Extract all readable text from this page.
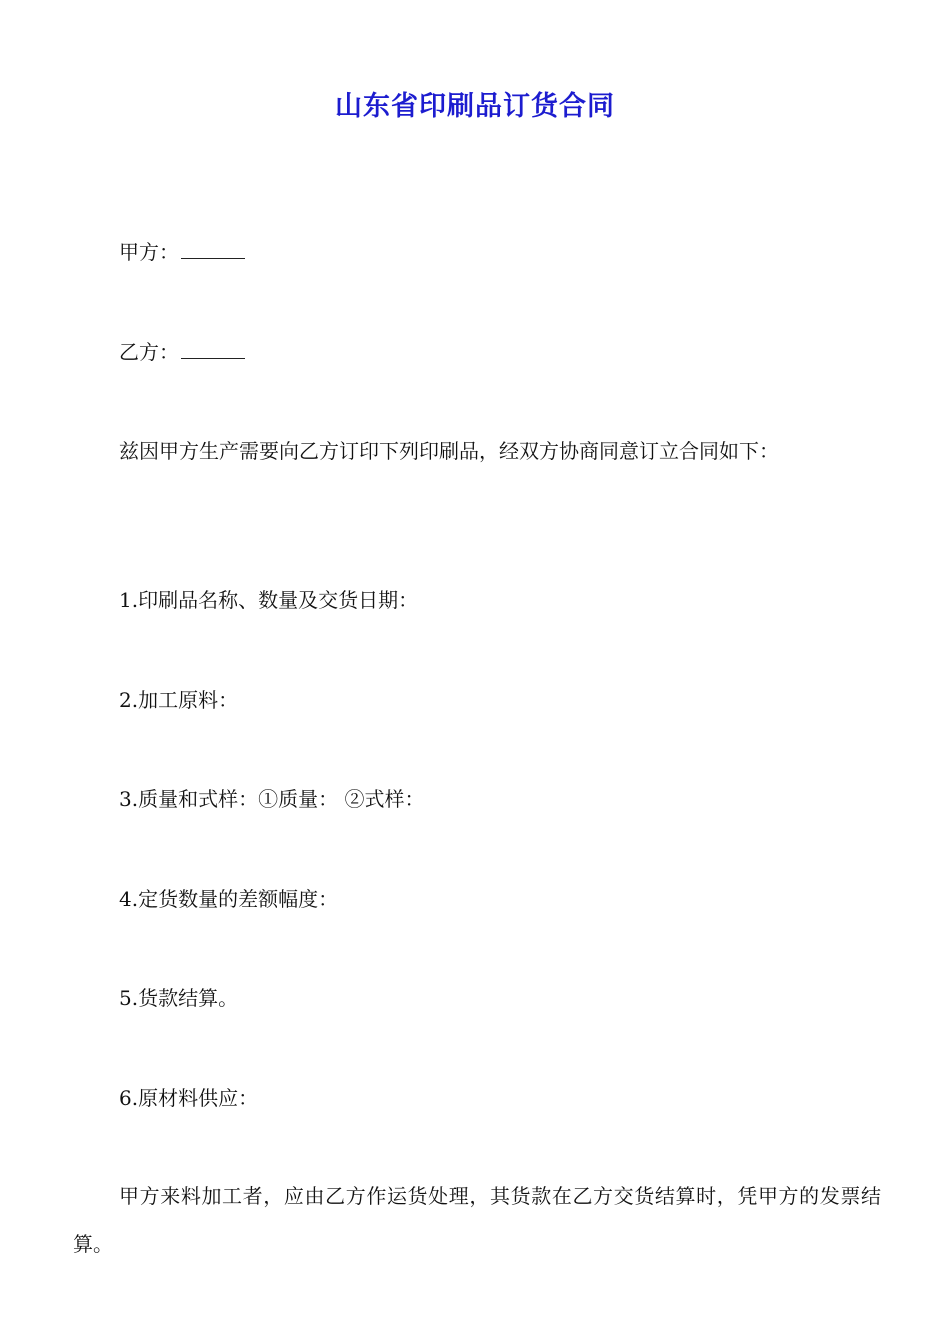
山东省印刷品订货合同
甲方：
乙方：
兹因甲方生产需要向乙方订印下列印刷品，经双方协商同意订立合同如下：
1.印刷品名称、数量及交货日期：
2.加工原料：
3.质量和式样：①质量： ②式样：
4.定货数量的差额幅度：
5.货款结算。
6.原材料供应：
甲方来料加工者，应由乙方作运货处理，其货款在乙方交货结算时，凭甲方的发票结算。
